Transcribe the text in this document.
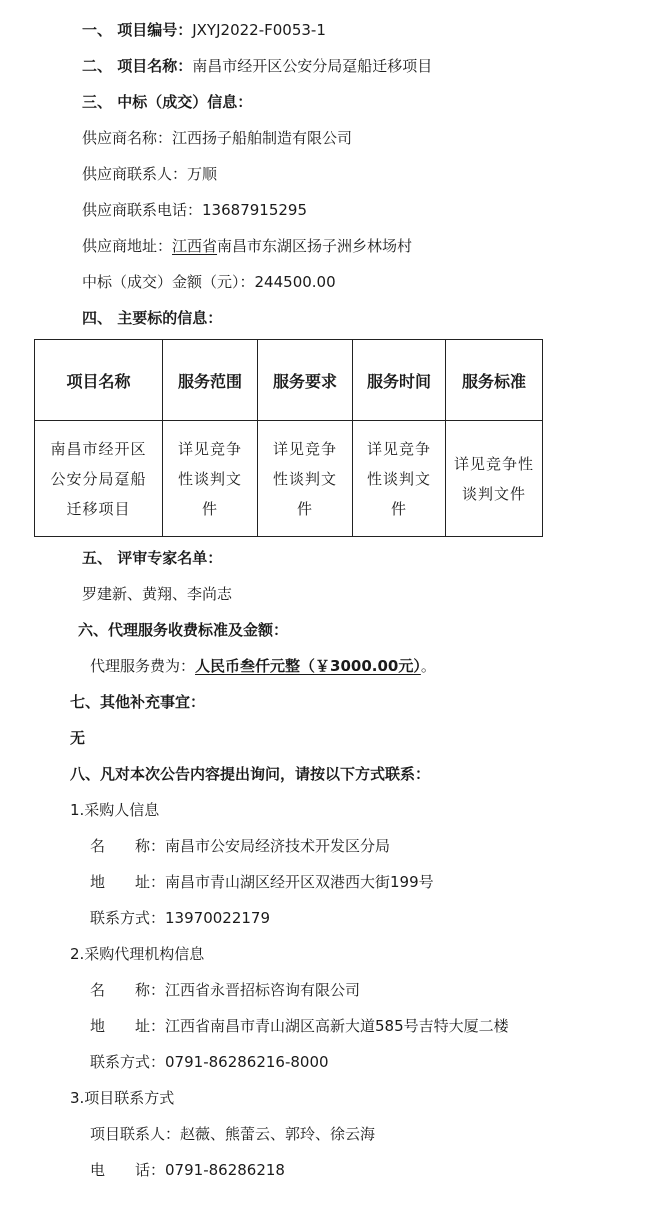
一、 项目编号：JXYJ2022-F0053-1
二、 项目名称：南昌市经开区公安分局趸船迁移项目
三、 中标（成交）信息：
供应商名称：江西扬子船舶制造有限公司
供应商联系人：万顺
供应商联系电话：13687915295
供应商地址：江西省南昌市东湖区扬子洲乡林场村
中标（成交）金额（元）：244500.00
四、 主要标的信息：
项目名称	服务范围	服务要求	服务时间	服务标准
南昌市经开区公安分局趸船迁移项目	详见竞争性谈判文件	详见竞争性谈判文件	详见竞争性谈判文件	详见竞争性谈判文件
五、 评审专家名单：
罗建新、黄翔、李尚志
六、代理服务收费标准及金额：
代理服务费为：人民币叁仟元整（￥3000.00元）。
七、其他补充事宜：
无
八、凡对本次公告内容提出询问，请按以下方式联系：
1.采购人信息
名　　称：南昌市公安局经济技术开发区分局
地　　址：南昌市青山湖区经开区双港西大街199号
联系方式：13970022179
2.采购代理机构信息
名　　称：江西省永晋招标咨询有限公司
地　　址：江西省南昌市青山湖区高新大道585号吉特大厦二楼
联系方式：0791-86286216-8000
3.项目联系方式
项目联系人：赵薇、熊蕾云、郭玲、徐云海
电　　话：0791-86286218
